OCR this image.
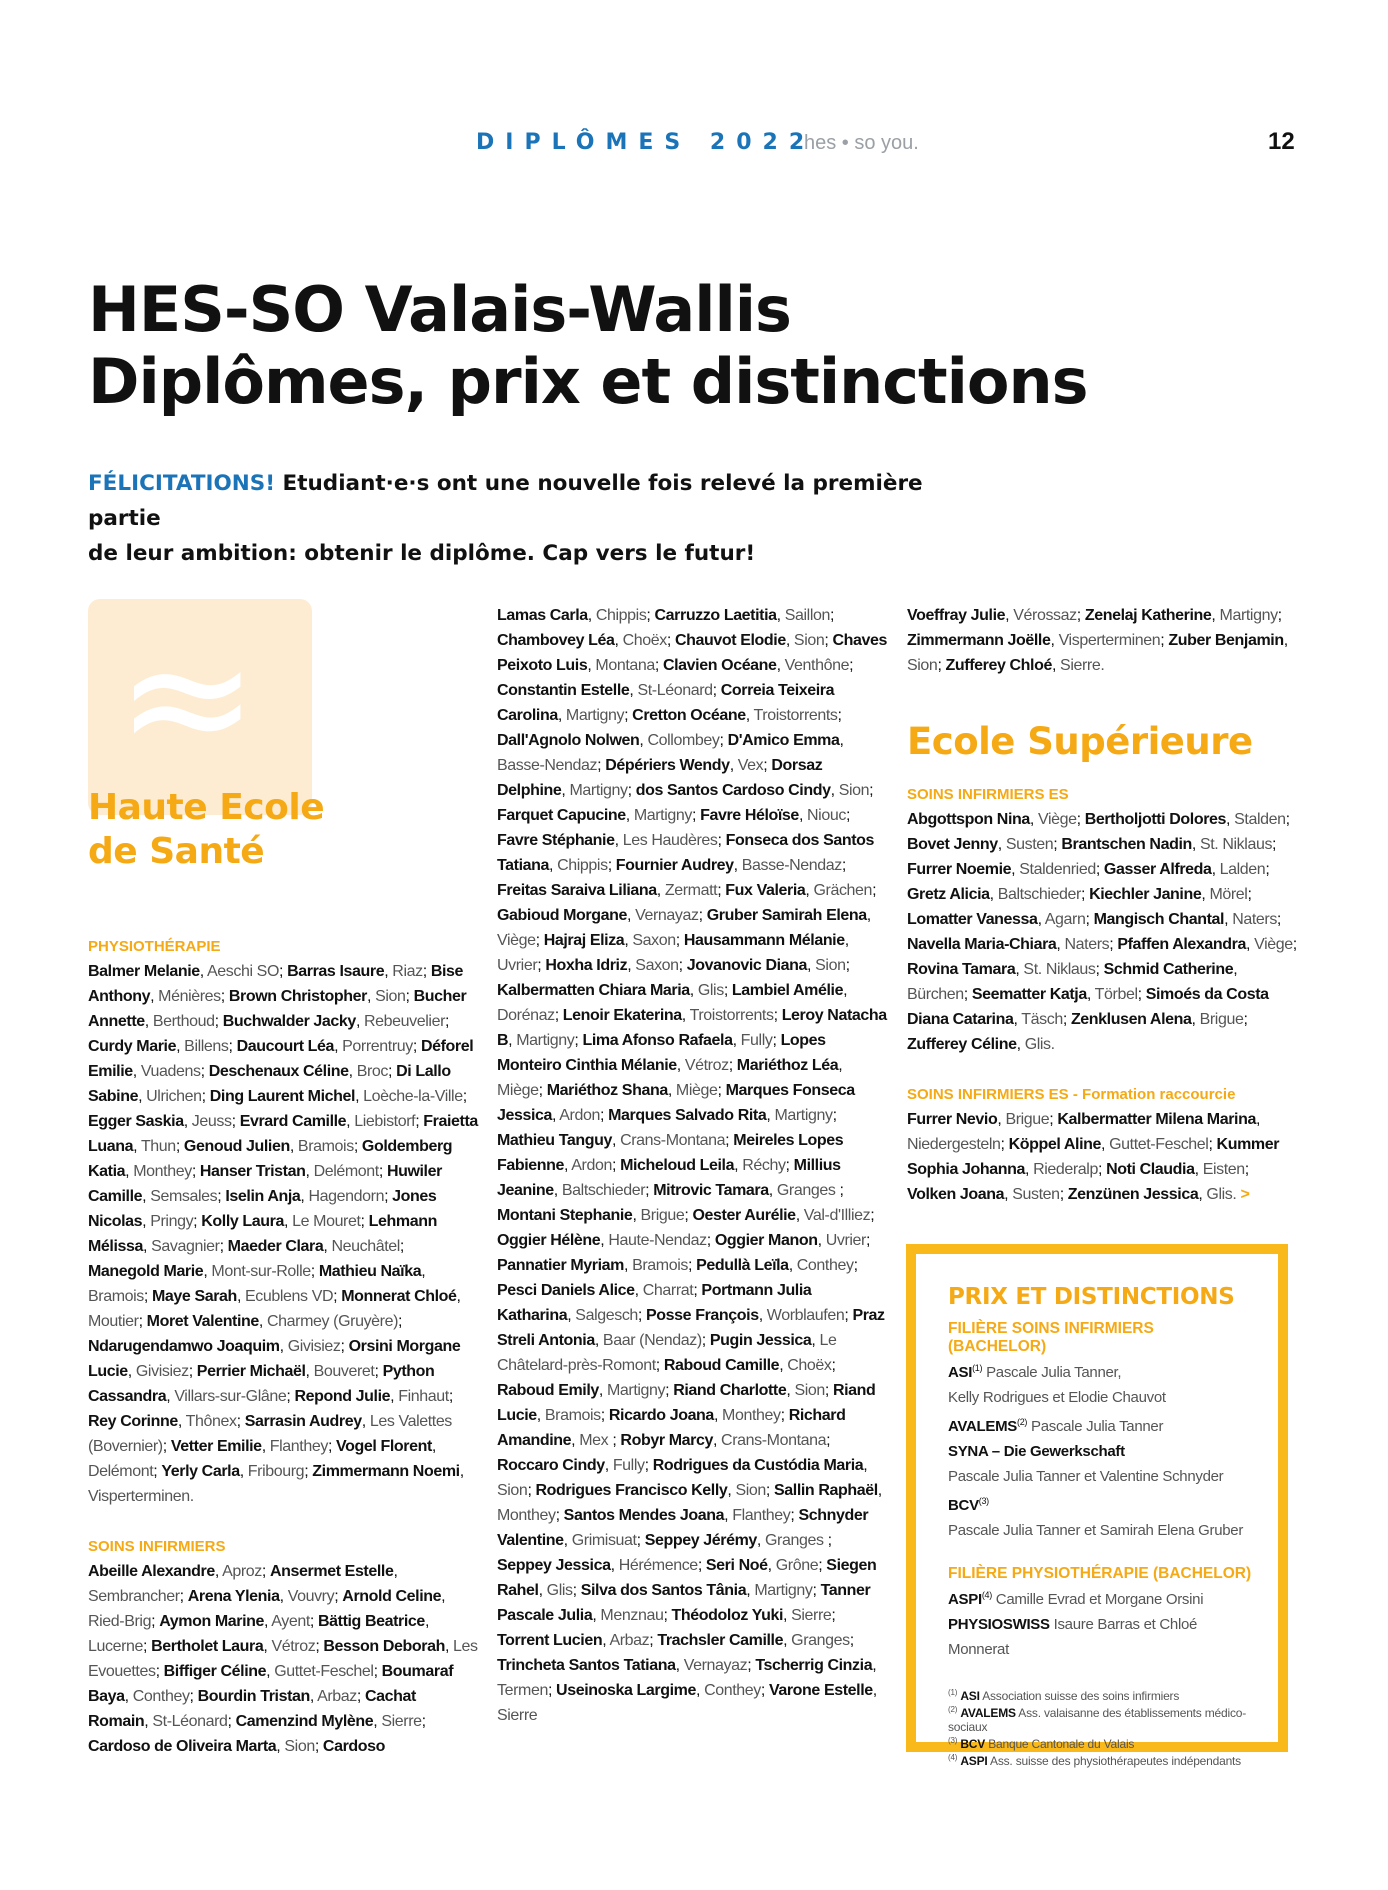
DIPLÔMES 2022
hes • so you.	12
HES-SO Valais-Wallis
Diplômes, prix et distinctions
FÉLICITATIONS! Etudiant·e·s ont une nouvelle fois relevé la première partie
de leur ambition: obtenir le diplôme. Cap vers le futur!
≈
Haute Ecole
de Santé
PHYSIOTHÉRAPIE
Balmer Melanie, Aeschi SO; Barras Isaure, Riaz; Bise Anthony, Ménières; Brown Christopher, Sion; Bucher Annette, Berthoud; Buchwalder Jacky, Rebeuvelier; Curdy Marie, Billens; Daucourt Léa, Porrentruy; Déforel Emilie, Vuadens; Deschenaux Céline, Broc; Di Lallo Sabine, Ulrichen; Ding Laurent Michel, Loèche-la-Ville; Egger Saskia, Jeuss; Evrard Camille, Liebistorf; Fraietta Luana, Thun; Genoud Julien, Bramois; Goldemberg Katia, Monthey; Hanser Tristan, Delémont; Huwiler Camille, Semsales; Iselin Anja, Hagendorn; Jones Nicolas, Pringy; Kolly Laura, Le Mouret; Lehmann Mélissa, Savagnier; Maeder Clara, Neuchâtel; Manegold Marie, Mont-sur-Rolle; Mathieu Naïka, Bramois; Maye Sarah, Ecublens VD; Monnerat Chloé, Moutier; Moret Valentine, Charmey (Gruyère); Ndarugendamwo Joaquim, Givisiez; Orsini Morgane Lucie, Givisiez; Perrier Michaël, Bouveret; Python Cassandra, Villars-sur-Glâne; Repond Julie, Finhaut; Rey Corinne, Thônex; Sarrasin Audrey, Les Valettes (Bovernier); Vetter Emilie, Flanthey; Vogel Florent, Delémont; Yerly Carla, Fribourg; Zimmermann Noemi, Visperterminen.
SOINS INFIRMIERS
Abeille Alexandre, Aproz; Ansermet Estelle, Sembrancher; Arena Ylenia, Vouvry; Arnold Celine, Ried-Brig; Aymon Marine, Ayent; Bättig Beatrice, Lucerne; Bertholet Laura, Vétroz; Besson Deborah, Les Evouettes; Biffiger Céline, Guttet-Feschel; Boumaraf Baya, Conthey; Bourdin Tristan, Arbaz; Cachat Romain, St-Léonard; Camenzind Mylène, Sierre; Cardoso de Oliveira Marta, Sion; Cardoso
Lamas Carla, Chippis; Carruzzo Laetitia, Saillon; Chambovey Léa, Choëx; Chauvot Elodie, Sion; Chaves Peixoto Luis, Montana; Clavien Océane, Venthône; Constantin Estelle, St-Léonard; Correia Teixeira Carolina, Martigny; Cretton Océane, Troistorrents; Dall'Agnolo Nolwen, Collombey; D'Amico Emma, Basse-Nendaz; Dépériers Wendy, Vex; Dorsaz Delphine, Martigny; dos Santos Cardoso Cindy, Sion; Farquet Capucine, Martigny; Favre Héloïse, Niouc; Favre Stéphanie, Les Haudères; Fonseca dos Santos Tatiana, Chippis; Fournier Audrey, Basse-Nendaz; Freitas Saraiva Liliana, Zermatt; Fux Valeria, Grächen; Gabioud Morgane, Vernayaz; Gruber Samirah Elena, Viège; Hajraj Eliza, Saxon; Hausammann Mélanie, Uvrier; Hoxha Idriz, Saxon; Jovanovic Diana, Sion; Kalbermatten Chiara Maria, Glis; Lambiel Amélie, Dorénaz; Lenoir Ekaterina, Troistorrents; Leroy Natacha B, Martigny; Lima Afonso Rafaela, Fully; Lopes Monteiro Cinthia Mélanie, Vétroz; Mariéthoz Léa, Miège; Mariéthoz Shana, Miège; Marques Fonseca Jessica, Ardon; Marques Salvado Rita, Martigny; Mathieu Tanguy, Crans-Montana; Meireles Lopes Fabienne, Ardon; Micheloud Leila, Réchy; Millius Jeanine, Baltschieder; Mitrovic Tamara, Granges ; Montani Stephanie, Brigue; Oester Aurélie, Val-d'Illiez; Oggier Hélène, Haute-Nendaz; Oggier Manon, Uvrier; Pannatier Myriam, Bramois; Pedullà Leïla, Conthey; Pesci Daniels Alice, Charrat; Portmann Julia Katharina, Salgesch; Posse François, Worblaufen; Praz Streli Antonia, Baar (Nendaz); Pugin Jessica, Le Châtelard-près-Romont; Raboud Camille, Choëx; Raboud Emily, Martigny; Riand Charlotte, Sion; Riand Lucie, Bramois; Ricardo Joana, Monthey; Richard Amandine, Mex ; Robyr Marcy, Crans-Montana; Roccaro Cindy, Fully; Rodrigues da Custódia Maria, Sion; Rodrigues Francisco Kelly, Sion; Sallin Raphaël, Monthey; Santos Mendes Joana, Flanthey; Schnyder Valentine, Grimisuat; Seppey Jérémy, Granges ; Seppey Jessica, Hérémence; Seri Noé, Grône; Siegen Rahel, Glis; Silva dos Santos Tânia, Martigny; Tanner Pascale Julia, Menznau; Théodoloz Yuki, Sierre; Torrent Lucien, Arbaz; Trachsler Camille, Granges; Trincheta Santos Tatiana, Vernayaz; Tscherrig Cinzia, Termen; Useinoska Largime, Conthey; Varone Estelle, Sierre
Voeffray Julie, Vérossaz; Zenelaj Katherine, Martigny; Zimmermann Joëlle, Visperterminen; Zuber Benjamin, Sion; Zufferey Chloé, Sierre.
Ecole Supérieure
SOINS INFIRMIERS ES
Abgottspon Nina, Viège; Bertholjotti Dolores, Stalden; Bovet Jenny, Susten; Brantschen Nadin, St. Niklaus; Furrer Noemie, Staldenried; Gasser Alfreda, Lalden; Gretz Alicia, Baltschieder; Kiechler Janine, Mörel; Lomatter Vanessa, Agarn; Mangisch Chantal, Naters; Navella Maria-Chiara, Naters; Pfaffen Alexandra, Viège; Rovina Tamara, St. Niklaus; Schmid Catherine, Bürchen; Seematter Katja, Törbel; Simoés da Costa Diana Catarina, Täsch; Zenklusen Alena, Brigue; Zufferey Céline, Glis.
SOINS INFIRMIERS ES - Formation raccourcie
Furrer Nevio, Brigue; Kalbermatter Milena Marina, Niedergesteln; Köppel Aline, Guttet-Feschel; Kummer Sophia Johanna, Riederalp; Noti Claudia, Eisten; Volken Joana, Susten; Zenzünen Jessica, Glis. >
PRIX ET DISTINCTIONS
FILIÈRE SOINS INFIRMIERS (BACHELOR)
ASI$^{(1)}$ Pascale Julia Tanner,
Kelly Rodrigues et Elodie Chauvot
AVALEMS$^{(2)}$ Pascale Julia Tanner
SYNA – Die Gewerkschaft
Pascale Julia Tanner et Valentine Schnyder
BCV$^{(3)}$
Pascale Julia Tanner et Samirah Elena Gruber
FILIÈRE PHYSIOTHÉRAPIE (BACHELOR)
ASPI$^{(4)}$ Camille Evrad et Morgane Orsini
PHYSIOSWISS Isaure Barras et Chloé Monnerat
$^{(1)}$ ASI Association suisse des soins infirmiers
$^{(2)}$ AVALEMS Ass. valaisanne des établissements médico-sociaux
$^{(3)}$ BCV Banque Cantonale du Valais
$^{(4)}$ ASPI Ass. suisse des physiothérapeutes indépendants
